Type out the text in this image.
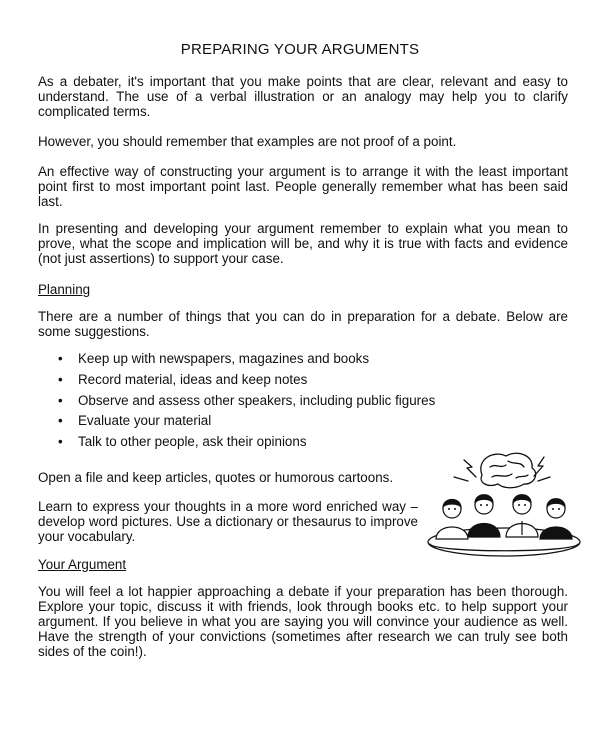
PREPARING YOUR ARGUMENTS

As a debater, it's important that you make points that are clear, relevant and easy to understand. The use of a verbal illustration or an analogy may help you to clarify complicated terms.

However, you should remember that examples are not proof of a point.

An effective way of constructing your argument is to arrange it with the least important point first to most important point last. People generally remember what has been said last.

In presenting and developing your argument remember to explain what you mean to prove, what the scope and implication will be, and why it is true with facts and evidence (not just assertions) to support your case.

Planning

There are a number of things that you can do in preparation for a debate. Below are some suggestions.

• Keep up with newspapers, magazines and books
• Record material, ideas and keep notes
• Observe and assess other speakers, including public figures
• Evaluate your material
• Talk to other people, ask their opinions

Open a file and keep articles, quotes or humorous cartoons.

Learn to express your thoughts in a more word enriched way – develop word pictures. Use a dictionary or thesaurus to improve your vocabulary.

Your Argument

You will feel a lot happier approaching a debate if your preparation has been thorough. Explore your topic, discuss it with friends, look through books etc. to help support your argument. If you believe in what you are saying you will convince your audience as well. Have the strength of your convictions (sometimes after research we can truly see both sides of the coin!).
